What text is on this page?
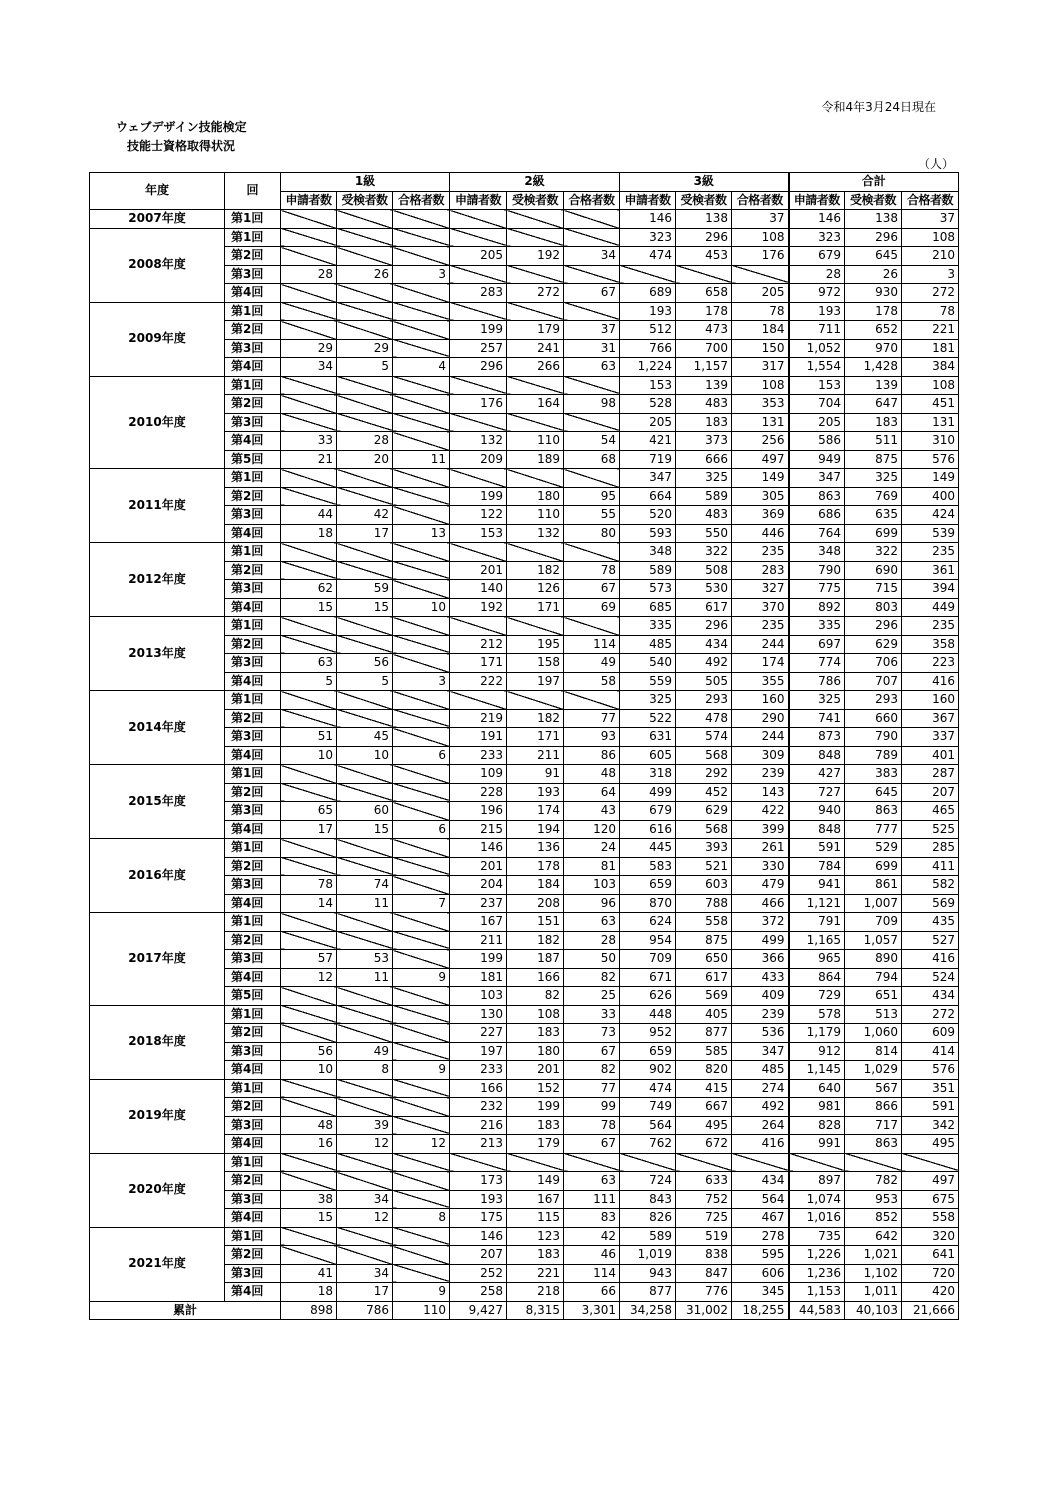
令和4年3月24日現在
ウェブデザイン技能検定
技能士資格取得状況
（人）
年度	回	1級			2級			3級			合計		
		申請者数	受検者数	合格者数	申請者数	受検者数	合格者数	申請者数	受検者数	合格者数	申請者数	受検者数	合格者数
2007年度	第1回							146	138	37	146	138	37
2008年度	第1回							323	296	108	323	296	108
	第2回				205	192	34	474	453	176	679	645	210
	第3回	28	26	3							28	26	3
	第4回				283	272	67	689	658	205	972	930	272
2009年度	第1回							193	178	78	193	178	78
	第2回				199	179	37	512	473	184	711	652	221
	第3回	29	29		257	241	31	766	700	150	1,052	970	181
	第4回	34	5	4	296	266	63	1,224	1,157	317	1,554	1,428	384
2010年度	第1回							153	139	108	153	139	108
	第2回				176	164	98	528	483	353	704	647	451
	第3回							205	183	131	205	183	131
	第4回	33	28		132	110	54	421	373	256	586	511	310
	第5回	21	20	11	209	189	68	719	666	497	949	875	576
2011年度	第1回							347	325	149	347	325	149
	第2回				199	180	95	664	589	305	863	769	400
	第3回	44	42		122	110	55	520	483	369	686	635	424
	第4回	18	17	13	153	132	80	593	550	446	764	699	539
2012年度	第1回							348	322	235	348	322	235
	第2回				201	182	78	589	508	283	790	690	361
	第3回	62	59		140	126	67	573	530	327	775	715	394
	第4回	15	15	10	192	171	69	685	617	370	892	803	449
2013年度	第1回							335	296	235	335	296	235
	第2回				212	195	114	485	434	244	697	629	358
	第3回	63	56		171	158	49	540	492	174	774	706	223
	第4回	5	5	3	222	197	58	559	505	355	786	707	416
2014年度	第1回							325	293	160	325	293	160
	第2回				219	182	77	522	478	290	741	660	367
	第3回	51	45		191	171	93	631	574	244	873	790	337
	第4回	10	10	6	233	211	86	605	568	309	848	789	401
2015年度	第1回				109	91	48	318	292	239	427	383	287
	第2回				228	193	64	499	452	143	727	645	207
	第3回	65	60		196	174	43	679	629	422	940	863	465
	第4回	17	15	6	215	194	120	616	568	399	848	777	525
2016年度	第1回				146	136	24	445	393	261	591	529	285
	第2回				201	178	81	583	521	330	784	699	411
	第3回	78	74		204	184	103	659	603	479	941	861	582
	第4回	14	11	7	237	208	96	870	788	466	1,121	1,007	569
2017年度	第1回				167	151	63	624	558	372	791	709	435
	第2回				211	182	28	954	875	499	1,165	1,057	527
	第3回	57	53		199	187	50	709	650	366	965	890	416
	第4回	12	11	9	181	166	82	671	617	433	864	794	524
	第5回				103	82	25	626	569	409	729	651	434
2018年度	第1回				130	108	33	448	405	239	578	513	272
	第2回				227	183	73	952	877	536	1,179	1,060	609
	第3回	56	49		197	180	67	659	585	347	912	814	414
	第4回	10	8	9	233	201	82	902	820	485	1,145	1,029	576
2019年度	第1回				166	152	77	474	415	274	640	567	351
	第2回				232	199	99	749	667	492	981	866	591
	第3回	48	39		216	183	78	564	495	264	828	717	342
	第4回	16	12	12	213	179	67	762	672	416	991	863	495
2020年度	第1回												
	第2回				173	149	63	724	633	434	897	782	497
	第3回	38	34		193	167	111	843	752	564	1,074	953	675
	第4回	15	12	8	175	115	83	826	725	467	1,016	852	558
2021年度	第1回				146	123	42	589	519	278	735	642	320
	第2回				207	183	46	1,019	838	595	1,226	1,021	641
	第3回	41	34		252	221	114	943	847	606	1,236	1,102	720
	第4回	18	17	9	258	218	66	877	776	345	1,153	1,011	420
累計		898	786	110	9,427	8,315	3,301	34,258	31,002	18,255	44,583	40,103	21,666
